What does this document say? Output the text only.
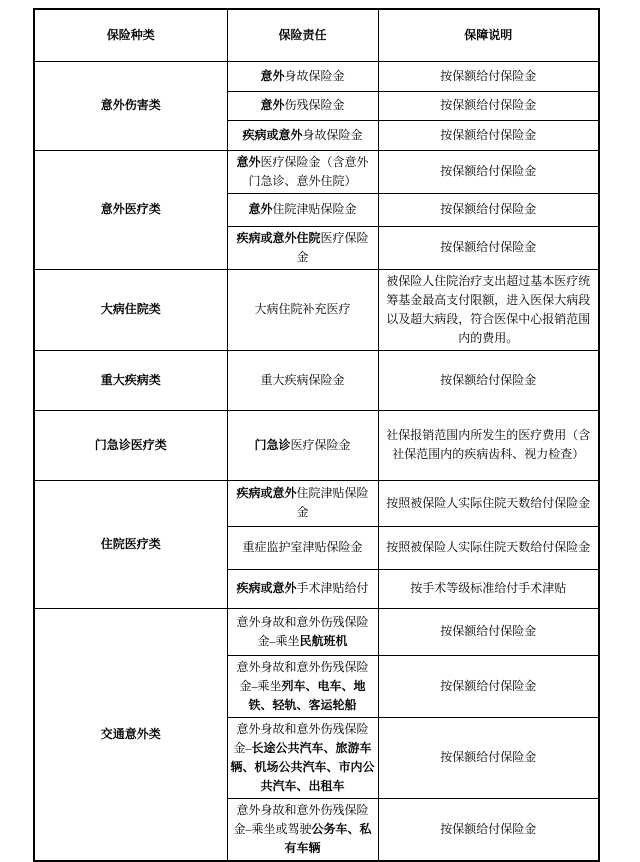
保险种类	保险责任	保障说明
意外伤害类	意外身故保险金	按保额给付保险金
	意外伤残保险金	按保额给付保险金
	疾病或意外身故保险金	按保额给付保险金
意外医疗类	意外医疗保险金（含意外门急诊、意外住院）	按保额给付保险金
	意外住院津贴保险金	按保额给付保险金
	疾病或意外住院医疗保险金	按保额给付保险金
大病住院类	大病住院补充医疗	被保险人住院治疗支出超过基本医疗统筹基金最高支付限额，进入医保大病段以及超大病段，符合医保中心报销范围内的费用。
重大疾病类	重大疾病保险金	按保额给付保险金
门急诊医疗类	门急诊医疗保险金	社保报销范围内所发生的医疗费用（含社保范围内的疾病齿科、视力检查）
住院医疗类	疾病或意外住院津贴保险金	按照被保险人实际住院天数给付保险金
	重症监护室津贴保险金	按照被保险人实际住院天数给付保险金
	疾病或意外手术津贴给付	按手术等级标准给付手术津贴
交通意外类	意外身故和意外伤残保险金–乘坐民航班机	按保额给付保险金
	意外身故和意外伤残保险金–乘坐列车、电车、地铁、轻轨、客运轮船	按保额给付保险金
	意外身故和意外伤残保险金–长途公共汽车、旅游车辆、机场公共汽车、市内公共汽车、出租车	按保额给付保险金
	意外身故和意外伤残保险金–乘坐或驾驶公务车、私有车辆	按保额给付保险金
